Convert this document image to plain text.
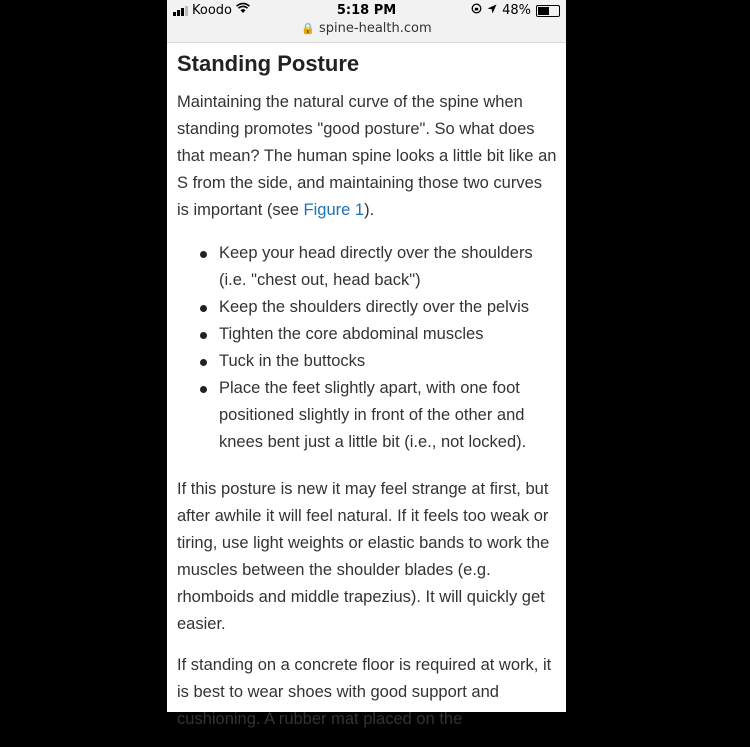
Koodo	5:18 PM	48%
🔒 spine-health.com
Standing Posture

Maintaining the natural curve of the spine when standing promotes "good posture". So what does that mean? The human spine looks a little bit like an S from the side, and maintaining those two curves is important (see Figure 1).

Keep your head directly over the shoulders (i.e. "chest out, head back")
Keep the shoulders directly over the pelvis
Tighten the core abdominal muscles
Tuck in the buttocks
Place the feet slightly apart, with one foot positioned slightly in front of the other and knees bent just a little bit (i.e., not locked).

If this posture is new it may feel strange at first, but after awhile it will feel natural. If it feels too weak or tiring, use light weights or elastic bands to work the muscles between the shoulder blades (e.g. rhomboids and middle trapezius). It will quickly get easier.

If standing on a concrete floor is required at work, it is best to wear shoes with good support and cushioning. A rubber mat placed on the
